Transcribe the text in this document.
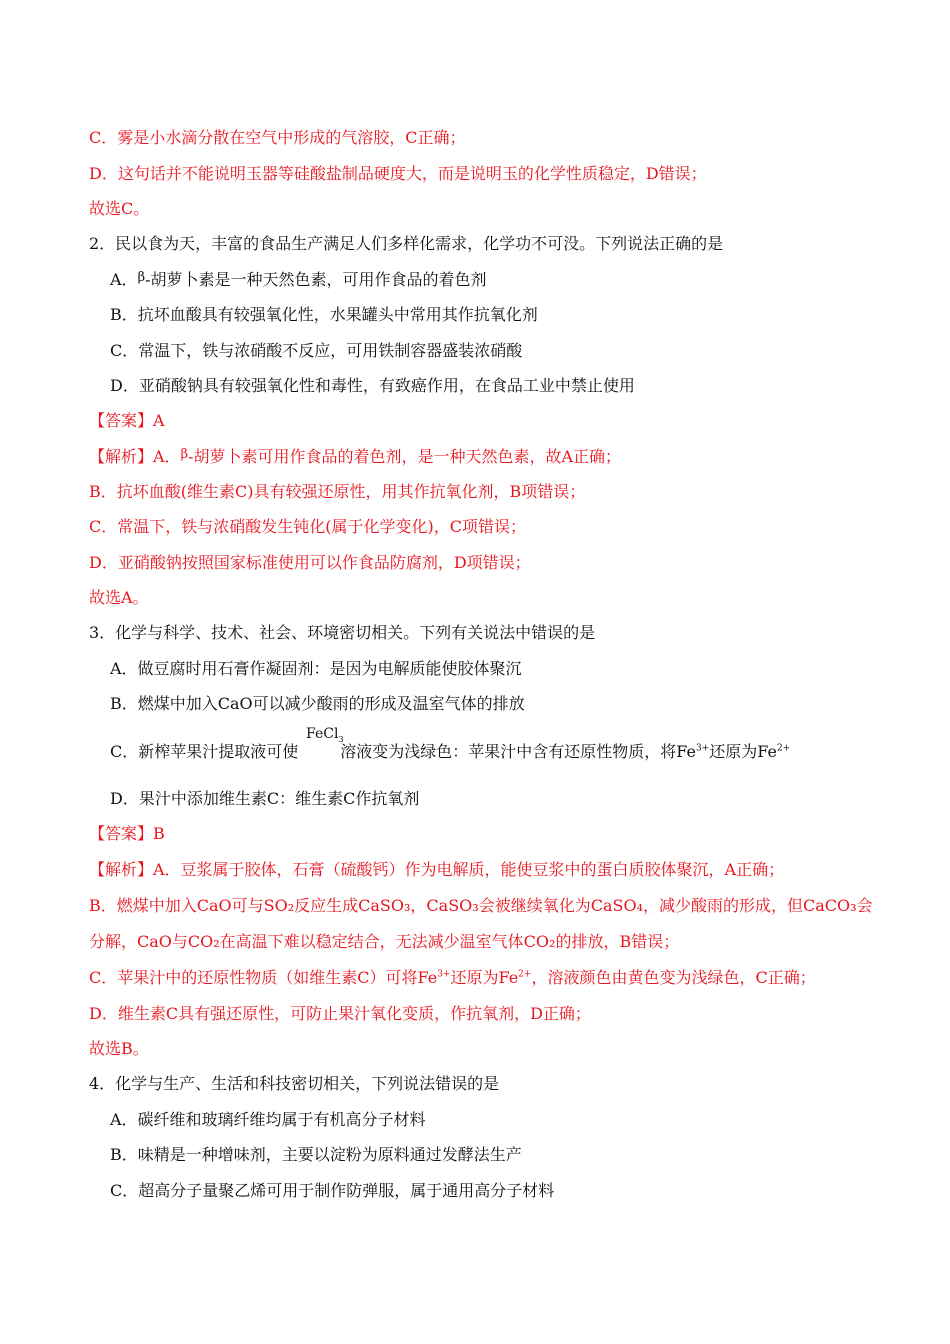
C．雾是小水滴分散在空气中形成的气溶胶，C正确；
D．这句话并不能说明玉器等硅酸盐制品硬度大，而是说明玉的化学性质稳定，D错误；
故选C。
2．民以食为天，丰富的食品生产满足人们多样化需求，化学功不可没。下列说法正确的是
A．$^\beta$-胡萝卜素是一种天然色素，可用作食品的着色剂
B．抗坏血酸具有较强氧化性，水果罐头中常用其作抗氧化剂
C．常温下，铁与浓硝酸不反应，可用铁制容器盛装浓硝酸
D．亚硝酸钠具有较强氧化性和毒性，有致癌作用，在食品工业中禁止使用
【答案】A
【解析】A．$^\beta$-胡萝卜素可用作食品的着色剂，是一种天然色素，故A正确；
B．抗坏血酸(维生素C)具有较强还原性，用其作抗氧化剂，B项错误；
C．常温下，铁与浓硝酸发生钝化(属于化学变化)，C项错误；
D．亚硝酸钠按照国家标准使用可以作食品防腐剂，D项错误；
故选A。
3．化学与科学、技术、社会、环境密切相关。下列有关说法中错误的是
A．做豆腐时用石膏作凝固剂：是因为电解质能使胶体聚沉
B．燃煤中加入CaO可以减少酸雨的形成及温室气体的排放
FeCl$_3$
C．新榨苹果汁提取液可使	溶液变为浅绿色：苹果汁中含有还原性物质，将$Fe^{3+}$还原为$Fe^{2+}$
D．果汁中添加维生素C：维生素C作抗氧剂
【答案】B
【解析】A．豆浆属于胶体，石膏（硫酸钙）作为电解质，能使豆浆中的蛋白质胶体聚沉，A正确；
B．燃煤中加入CaO可与SO₂反应生成CaSO₃，CaSO₃会被继续氧化为CaSO₄，减少酸雨的形成，但CaCO₃会
分解，CaO与CO₂在高温下难以稳定结合，无法减少温室气体CO₂的排放，B错误；
C．苹果汁中的还原性物质（如维生素C）可将$Fe^{3+}$还原为$Fe^{2+}$，溶液颜色由黄色变为浅绿色，C正确；
D．维生素C具有强还原性，可防止果汁氧化变质，作抗氧剂，D正确；
故选B。
4．化学与生产、生活和科技密切相关，下列说法错误的是
A．碳纤维和玻璃纤维均属于有机高分子材料
B．味精是一种增味剂，主要以淀粉为原料通过发酵法生产
C．超高分子量聚乙烯可用于制作防弹服，属于通用高分子材料
